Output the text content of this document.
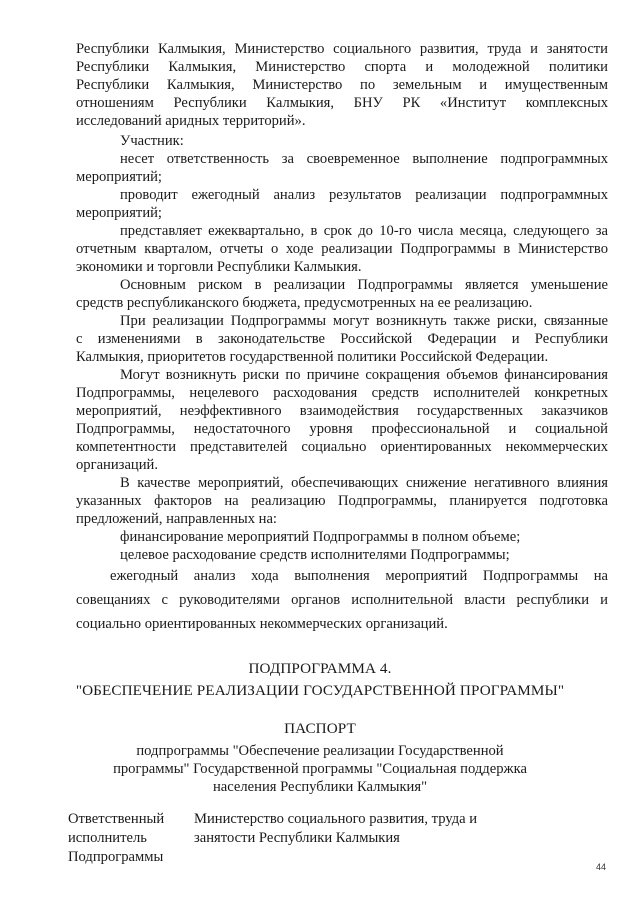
Республики Калмыкия, Министерство социального развития, труда и занятости
Республики Калмыкия, Министерство спорта и молодежной политики
Республики Калмыкия, Министерство по земельным и имущественным
отношениям Республики Калмыкия, БНУ РК «Институт комплексных
исследований аридных территорий».
Участник:
несет ответственность за своевременное выполнение подпрограммных
мероприятий;
проводит ежегодный анализ результатов реализации подпрограммных
мероприятий;
представляет ежеквартально, в срок до 10-го числа месяца, следующего за
отчетным кварталом, отчеты о ходе реализации Подпрограммы в Министерство
экономики и торговли Республики Калмыкия.
Основным риском в реализации Подпрограммы является уменьшение
средств республиканского бюджета, предусмотренных на ее реализацию.
При реализации Подпрограммы могут возникнуть также риски, связанные
с изменениями в законодательстве Российской Федерации и Республики
Калмыкия, приоритетов государственной политики Российской Федерации.
Могут возникнуть риски по причине сокращения объемов финансирования
Подпрограммы, нецелевого расходования средств исполнителей конкретных
мероприятий, неэффективного взаимодействия государственных заказчиков
Подпрограммы, недостаточного уровня профессиональной и социальной
компетентности представителей социально ориентированных некоммерческих
организаций.
В качестве мероприятий, обеспечивающих снижение негативного влияния
указанных факторов на реализацию Подпрограммы, планируется подготовка
предложений, направленных на:
финансирование мероприятий Подпрограммы в полном объеме;
целевое расходование средств исполнителями Подпрограммы;
ежегодный анализ хода выполнения мероприятий Подпрограммы на
совещаниях с руководителями органов исполнительной власти республики и
социально ориентированных некоммерческих организаций.
ПОДПРОГРАММА 4.
"ОБЕСПЕЧЕНИЕ РЕАЛИЗАЦИИ ГОСУДАРСТВЕННОЙ ПРОГРАММЫ"
ПАСПОРТ
подпрограммы "Обеспечение реализации Государственной
программы" Государственной программы "Социальная поддержка
населения Республики Калмыкия"
Ответственный
исполнитель
Подпрограммы
Министерство социального развития, труда и
занятости Республики Калмыкия
44
